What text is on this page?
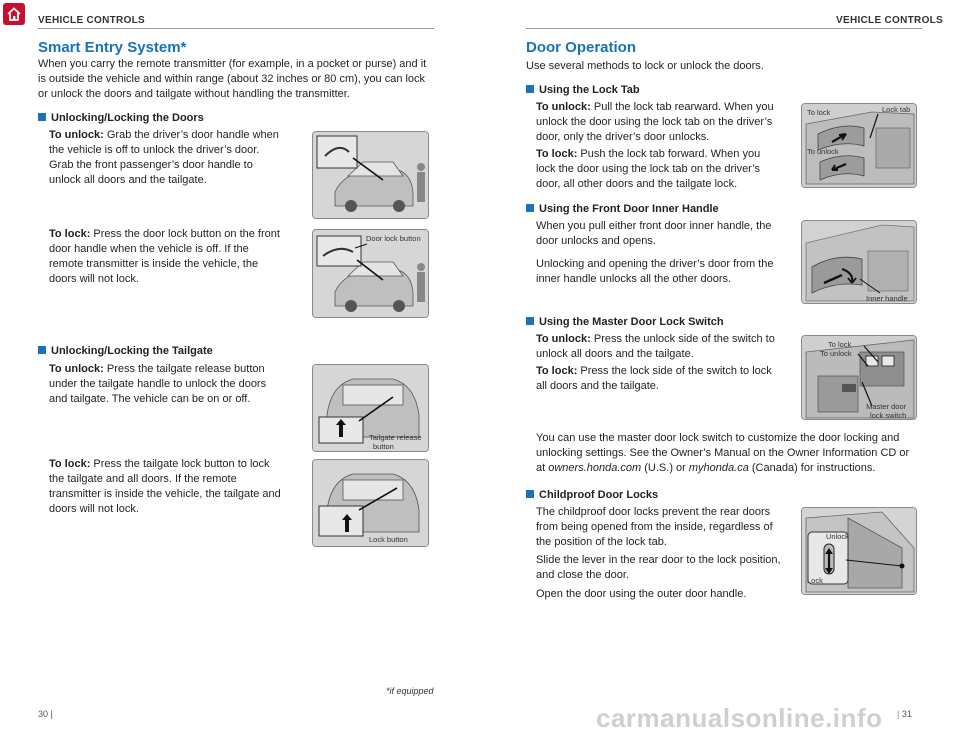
VEHICLE CONTROLS	VEHICLE CONTROLS
Smart Entry System*
When you carry the remote transmitter (for example, in a pocket or purse) and it is outside the vehicle and within range (about 32 inches or 80 cm), you can lock or unlock the doors and tailgate without handling the transmitter.
Unlocking/Locking the Doors
To unlock: Grab the driver’s door handle when the vehicle is off to unlock the driver’s door. Grab the front passenger’s door handle to unlock all doors and the tailgate.
To lock: Press the door lock button on the front door handle when the vehicle is off. If the remote transmitter is inside the vehicle, the doors will not lock.
Unlocking/Locking the Tailgate
To unlock: Press the tailgate release button under the tailgate handle to unlock the doors and tailgate. The vehicle can be on or off.
To lock: Press the tailgate lock button to lock the tailgate and all doors. If the remote transmitter is inside the vehicle, the tailgate and doors will not lock.
Door lock button
Tailgate release
button
Lock button
*if equipped
30 |
Door Operation
Use several methods to lock or unlock the doors.
Using the Lock Tab
To unlock: Pull the lock tab rearward. When you unlock the door using the lock tab on the driver’s door, only the driver’s door unlocks.
To lock: Push the lock tab forward. When you lock the door using the lock tab on the driver’s door, all other doors and the tailgate lock.
Using the Front Door Inner Handle
When you pull either front door inner handle, the door unlocks and opens.
Unlocking and opening the driver’s door from the inner handle unlocks all the other doors.
Using the Master Door Lock Switch
To unlock: Press the unlock side of the switch to unlock all doors and the tailgate.
To lock: Press the lock side of the switch to lock all doors and the tailgate.
You can use the master door lock switch to customize the door locking and unlocking settings. See the Owner’s Manual on the Owner Information CD or at owners.honda.com (U.S.) or myhonda.ca (Canada) for instructions.
Childproof Door Locks
The childproof door locks prevent the rear doors from being opened from the inside, regardless of the position of the lock tab.
Slide the lever in the rear door to the lock position, and close the door.
Open the door using the outer door handle.
To lock	Lock tab
To unlock
Inner handle
To lock
To unlock
Master door
lock switch
Unlock
Lock
| 31
carmanualsonline.info
